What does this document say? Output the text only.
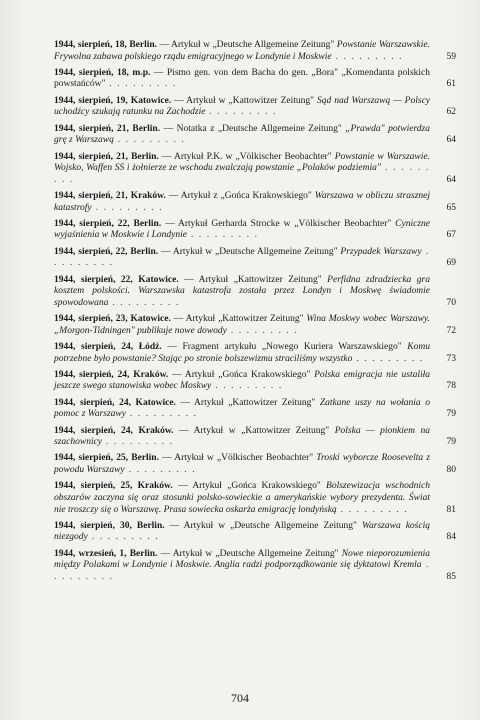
1944, sierpień, 18, Berlin. — Artykuł w „Deutsche Allgemeine Zeitung" Powstanie Warszawskie. Frywolna zabawa polskiego rządu emigracyjnego w Londynie i Moskwie . . . . . . . . .	59
1944, sierpień, 18, m.p. — Pismo gen. von dem Bacha do gen. „Bora" „Komendanta polskich powstańców" . . . . . . . . .	61
1944, sierpień, 19, Katowice. — Artykuł w „Kattowitzer Zeitung" Sąd nad Warszawą — Polscy uchodźcy szukają ratunku na Zachodzie . . . . . . . . .	62
1944, sierpień, 21, Berlin. — Notatka z „Deutsche Allgemeine Zeitung" „Prawda" potwierdza grę z Warszawą . . . . . . . . .	64
1944, sierpień, 21, Berlin. — Artykuł P.K. w „Völkischer Beobachter" Powstanie w Warszawie. Wojsko, Waffen SS i żołnierze ze wschodu zwalczają powstanie „Polaków podziemia" . . . . . . . . .	64
1944, sierpień, 21, Kraków. — Artykuł z „Gońca Krakowskiego" Warszawa w obliczu strasznej katastrofy . . . . . . . . .	65
1944, sierpień, 22, Berlin. — Artykuł Gerharda Strocke w „Völkischer Beobachter" Cyniczne wyjaśnienia w Moskwie i Londynie . . . . . . . . .	67
1944, sierpień, 22, Berlin. — Artykuł w „Deutsche Allgemeine Zeitung" Przypadek Warszawy . . . . . . . . .	69
1944, sierpień, 22, Katowice. — Artykuł „Kattowitzer Zeitung" Perfidna zdradziecka gra kosztem polskości. Warszawska katastrofa została przez Londyn i Moskwę świadomie spowodowana . . . . . . . . .	70
1944, sierpień, 23, Katowice. — Artykuł „Kattowitzer Zeitung" Wina Moskwy wobec Warszawy. „Morgon-Tidningen" publikuje nowe dowody . . . . . . . . .	72
1944, sierpień, 24, Łódź. — Fragment artykułu „Nowego Kuriera Warszawskiego" Komu potrzebne było powstanie? Stając po stronie bolszewizmu straciliśmy wszystko . . . . . . . . .	73
1944, sierpień, 24, Kraków. — Artykuł „Gońca Krakowskiego" Polska emigracja nie ustaliła jeszcze swego stanowiska wobec Moskwy . . . . . . . . .	78
1944, sierpień, 24, Katowice. — Artykuł „Kattowitzer Zeitung" Zatkane uszy na wołania o pomoc z Warszawy . . . . . . . . .	79
1944, sierpień, 24, Kraków. — Artykuł w „Kattowitzer Zeitung" Polska — pionkiem na szachownicy . . . . . . . . .	79
1944, sierpień, 25, Berlin. — Artykuł w „Völkischer Beobachter" Troski wyborcze Roosevelta z powodu Warszawy . . . . . . . . .	80
1944, sierpień, 25, Kraków. — Artykuł „Gońca Krakowskiego" Bolszewizacja wschodnich obszarów zaczyna się oraz stosunki polsko-sowieckie a amerykańskie wybory prezydenta. Świat nie troszczy się o Warszawę. Prasa sowiecka oskarża emigrację londyńską . . . . . . . . .	81
1944, sierpień, 30, Berlin. — Artykuł w „Deutsche Allgemeine Zeitung" Warszawa kością niezgody . . . . . . . . .	84
1944, wrzesień, 1, Berlin. — Artykuł w „Deutsche Allgemeine Zeitung" Nowe nieporozumienia między Polakami w Londynie i Moskwie. Anglia radzi podporządkowanie się dyktatowi Kremla . . . . . . . . .	85
704
